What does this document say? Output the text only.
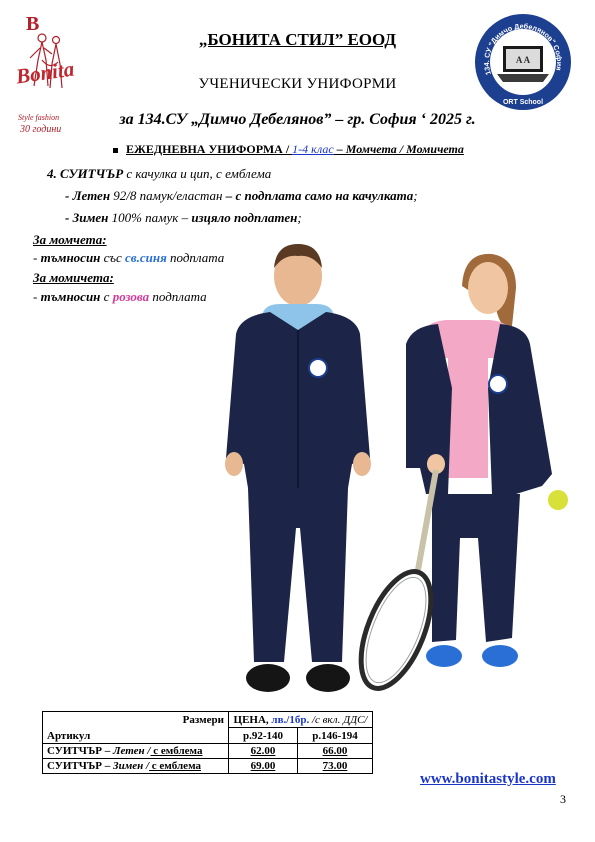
B
Bonita
Style fashion
30 години
134. СУ "Димчо Дебелянов" София
ORT School
A A
„БОНИТА СТИЛ” ЕООД
УЧЕНИЧЕСКИ УНИФОРМИ
за 134.СУ „Димчо Дебелянов” – гр. София ‘ 2025 г.
ЕЖЕДНЕВНА УНИФОРМА / 1-4 клас – Момчета / Момичета
4. СУИТЧЪР с качулка и цип, с емблема
- Летен 92/8 памук/еластан – с подплата само на качулката;
- Зимен 100% памук – изцяло подплатен;
За момчета:
- тъмносин със св.синя подплата
За момичета:
- тъмносин с розова подплата
Размери
Артикул	ЦЕНА, лв./1бр. /с вкл. ДДС/	
	р.92-140	р.146-194
СУИТЧЪР – Летен / с емблема	62.00	66.00
СУИТЧЪР – Зимен / с емблема	69.00	73.00
www.bonitastyle.com
3
